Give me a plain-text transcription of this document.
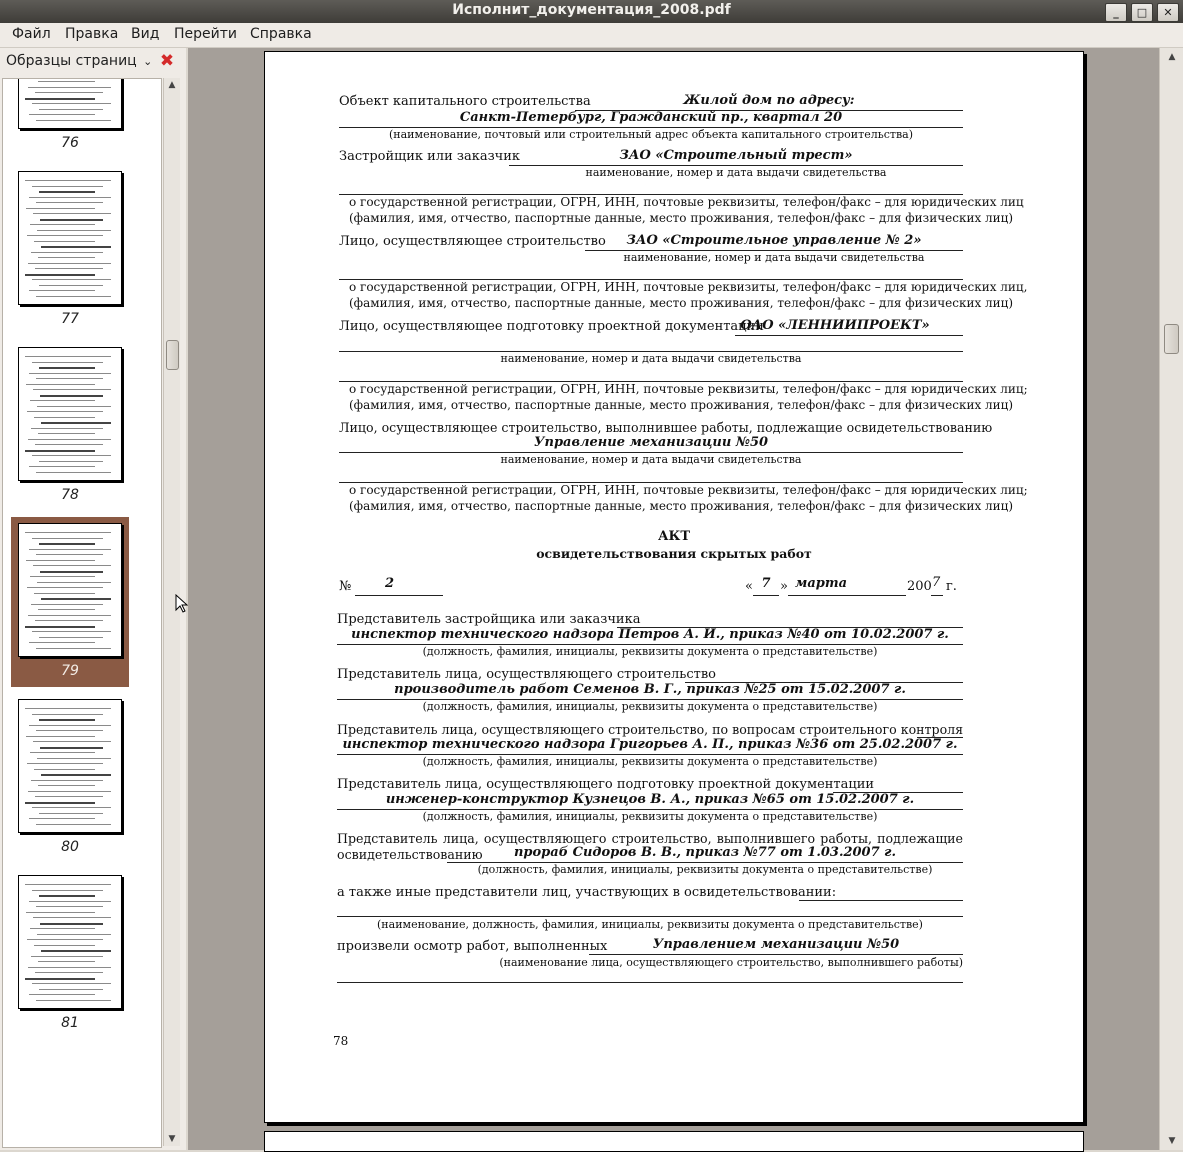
Исполнит_документация_2008.pdf	_	□	✕
Файл Правка Вид Перейти Справка
Образцы страниц ⌄ ✖
76
77
78
79
80
81
▲
▼
Объект капитального строительства	Жилой дом по адресу:
Санкт-Петербург, Гражданский пр., квартал 20
(наименование, почтовый или строительный адрес объекта капитального строительства)
Застройщик или заказчик	ЗАО «Строительный трест»
наименование, номер и дата выдачи свидетельства
о государственной регистрации, ОГРН, ИНН, почтовые реквизиты, телефон/факс – для юридических лиц
(фамилия, имя, отчество, паспортные данные, место проживания, телефон/факс – для физических лиц)
Лицо, осуществляющее строительство	ЗАО «Строительное управление № 2»
наименование, номер и дата выдачи свидетельства
о государственной регистрации, ОГРН, ИНН, почтовые реквизиты, телефон/факс – для юридических лиц,
(фамилия, имя, отчество, паспортные данные, место проживания, телефон/факс – для физических лиц)
Лицо, осуществляющее подготовку проектной документации
ОАО «ЛЕННИИПРОЕКТ»
наименование, номер и дата выдачи свидетельства
о государственной регистрации, ОГРН, ИНН, почтовые реквизиты, телефон/факс – для юридических лиц;
(фамилия, имя, отчество, паспортные данные, место проживания, телефон/факс – для физических лиц)
Лицо, осуществляющее строительство, выполнившее работы, подлежащие освидетельствованию
Управление механизации №50
наименование, номер и дата выдачи свидетельства
о государственной регистрации, ОГРН, ИНН, почтовые реквизиты, телефон/факс – для юридических лиц;
(фамилия, имя, отчество, паспортные данные, место проживания, телефон/факс – для физических лиц)
АКТ
освидетельствования скрытых работ
№	2	« 7 » марта	200 7 г.
Представитель застройщика или заказчика
инспектор технического надзора Петров А. И., приказ №40 от 10.02.2007 г.
(должность, фамилия, инициалы, реквизиты документа о представительстве)
Представитель лица, осуществляющего строительство
производитель работ Семенов В. Г., приказ №25 от 15.02.2007 г.
(должность, фамилия, инициалы, реквизиты документа о представительстве)
Представитель лица, осуществляющего строительство, по вопросам строительного контроля
инспектор технического надзора Григорьев А. П., приказ №36 от 25.02.2007 г.
(должность, фамилия, инициалы, реквизиты документа о представительстве)
Представитель лица, осуществляющего подготовку проектной документации
инженер-конструктор Кузнецов В. А., приказ №65 от 15.02.2007 г.
(должность, фамилия, инициалы, реквизиты документа о представительстве)
Представитель лица, осуществляющего строительство, выполнившего работы, подлежащие освидетельствованию	прораб Сидоров В. В., приказ №77 от 1.03.2007 г.
(должность, фамилия, инициалы, реквизиты документа о представительстве)
а также иные представители лиц, участвующих в освидетельствовании:
(наименование, должность, фамилия, инициалы, реквизиты документа о представительстве)
произвели осмотр работ, выполненных	Управлением механизации №50
(наименование лица, осуществляющего строительство, выполнившего работы)
78
▲
▼
